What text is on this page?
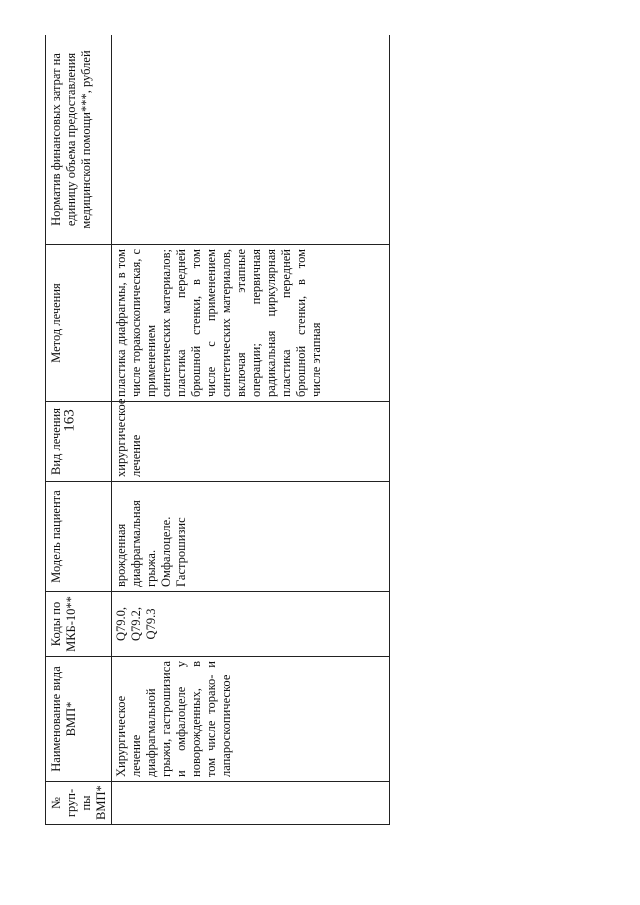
163
№ груп-пы ВМП*	Наименование вида ВМП*	Коды по МКБ-10**	Модель пациента	Вид лечения	Метод лечения	Норматив финансовых затрат на единицу объема предоставления медицинской помощи***, рублей
	Хирургическое лечение диафрагмальной грыжи, гастрошизиса и омфалоцеле у новорожденных, в том числе торако- и лапароскопическое	Q79.0, Q79.2, Q79.3	врожденная диафрагмальная грыжа. Омфалоцеле. Гастрошизис	хирургическое лечение	пластика диафрагмы, в том числе торакоскопическая, с применением синтетических материалов; пластика передней брюшной стенки, в том числе с применением синтетических материалов, включая этапные операции; первичная радикальная циркулярная пластика передней брюшной стенки, в том числе этапная	
